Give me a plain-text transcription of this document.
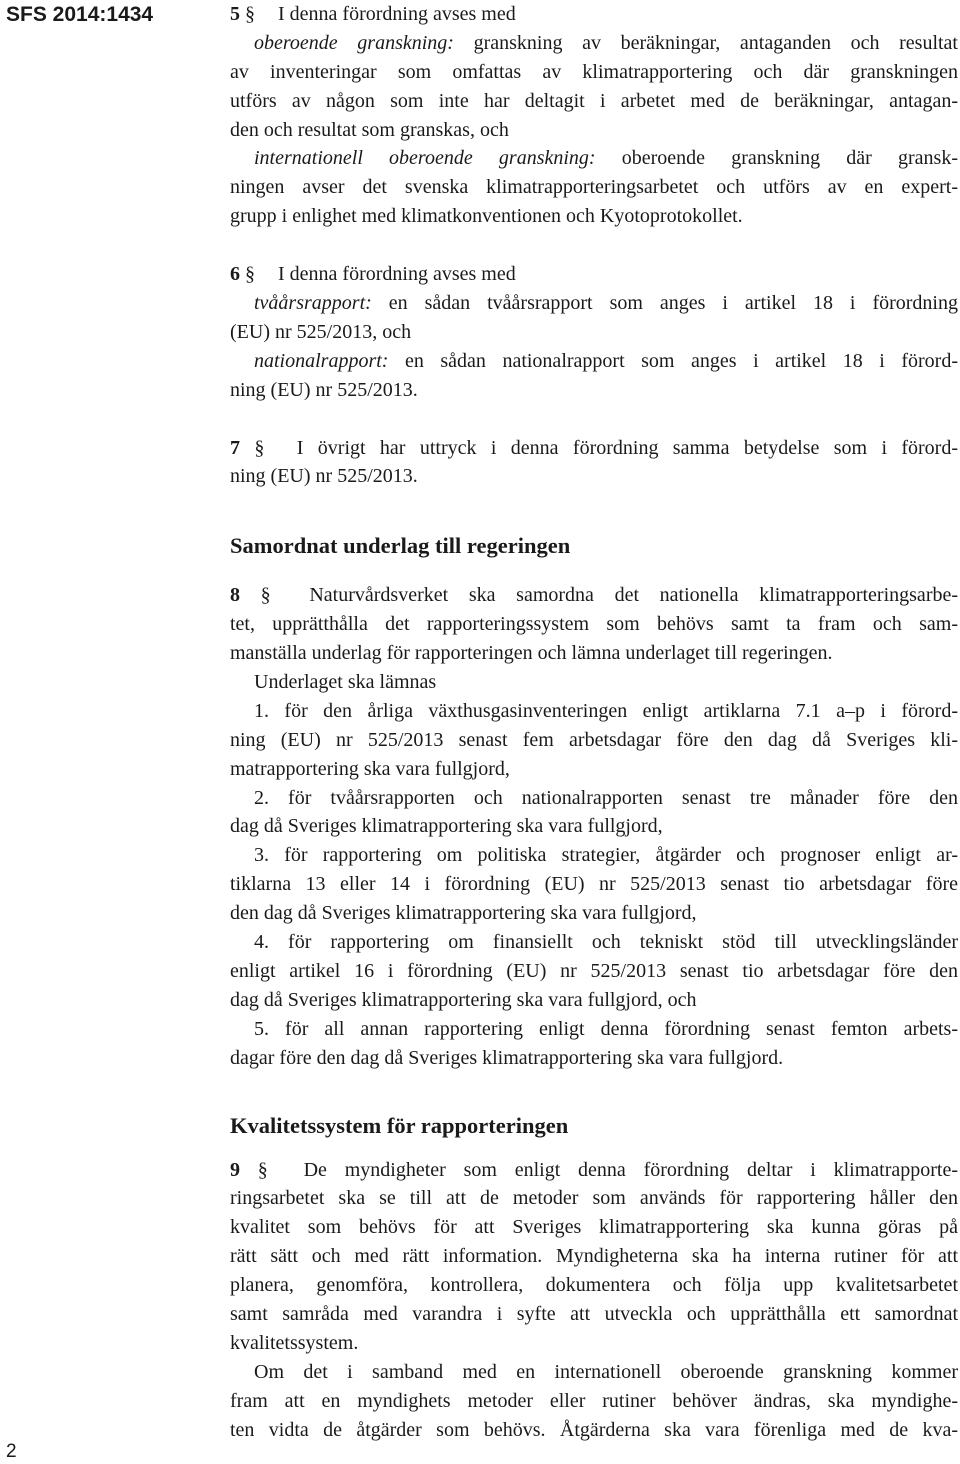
SFS 2014:1434	5 § I denna förordning avses med
oberoende granskning: granskning av beräkningar, antaganden och resultat
av inventeringar som omfattas av klimatrapportering och där granskningen
utförs av någon som inte har deltagit i arbetet med de beräkningar, antagan-
den och resultat som granskas, och
internationell oberoende granskning: oberoende granskning där gransk-
ningen avser det svenska klimatrapporteringsarbetet och utförs av en expert-
grupp i enlighet med klimatkonventionen och Kyotoprotokollet.
6 § I denna förordning avses med
tvåårsrapport: en sådan tvåårsrapport som anges i artikel 18 i förordning
(EU) nr 525/2013, och
nationalrapport: en sådan nationalrapport som anges i artikel 18 i förord-
ning (EU) nr 525/2013.
7 § I övrigt har uttryck i denna förordning samma betydelse som i förord-
ning (EU) nr 525/2013.
Samordnat underlag till regeringen
8 § Naturvårdsverket ska samordna det nationella klimatrapporteringsarbe-
tet, upprätthålla det rapporteringssystem som behövs samt ta fram och sam-
manställa underlag för rapporteringen och lämna underlaget till regeringen.
Underlaget ska lämnas
1. för den årliga växthusgasinventeringen enligt artiklarna 7.1 a–p i förord-
ning (EU) nr 525/2013 senast fem arbetsdagar före den dag då Sveriges kli-
matrapportering ska vara fullgjord,
2. för tvåårsrapporten och nationalrapporten senast tre månader före den
dag då Sveriges klimatrapportering ska vara fullgjord,
3. för rapportering om politiska strategier, åtgärder och prognoser enligt ar-
tiklarna 13 eller 14 i förordning (EU) nr 525/2013 senast tio arbetsdagar före
den dag då Sveriges klimatrapportering ska vara fullgjord,
4. för rapportering om finansiellt och tekniskt stöd till utvecklingsländer
enligt artikel 16 i förordning (EU) nr 525/2013 senast tio arbetsdagar före den
dag då Sveriges klimatrapportering ska vara fullgjord, och
5. för all annan rapportering enligt denna förordning senast femton arbets-
dagar före den dag då Sveriges klimatrapportering ska vara fullgjord.
Kvalitetssystem för rapporteringen
9 § De myndigheter som enligt denna förordning deltar i klimatrapporte-
ringsarbetet ska se till att de metoder som används för rapportering håller den
kvalitet som behövs för att Sveriges klimatrapportering ska kunna göras på
rätt sätt och med rätt information. Myndigheterna ska ha interna rutiner för att
planera, genomföra, kontrollera, dokumentera och följa upp kvalitetsarbetet
samt samråda med varandra i syfte att utveckla och upprätthålla ett samordnat
kvalitetssystem.
Om det i samband med en internationell oberoende granskning kommer
fram att en myndighets metoder eller rutiner behöver ändras, ska myndighe-
ten vidta de åtgärder som behövs. Åtgärderna ska vara förenliga med de kva-
2
